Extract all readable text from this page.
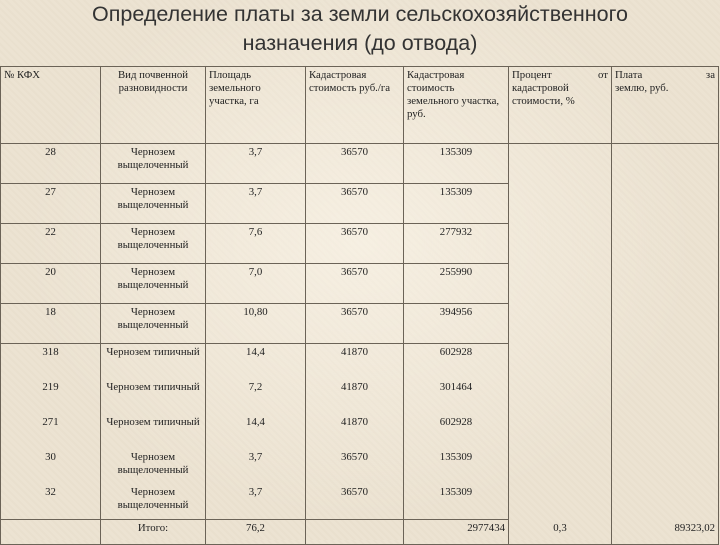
Определение платы за земли сельскохозяйственного
назначения (до отвода)
№ КФХ	Вид почвенной разновидности	Площадь
земельного
участка, га	Кадастровая стоимость руб./га	Кадастровая стоимость земельного участка, руб.	Процент от
кадастровой
стоимости, %	Плата за
землю, руб.

28	Чернозем выщелоченный	3,7	36570	135309		
27	Чернозем выщелоченный	3,7	36570	135309		
22	Чернозем выщелоченный	7,6	36570	277932		
20	Чернозем выщелоченный	7,0	36570	255990		
18	Чернозем выщелоченный	10,80	36570	394956		
318	Чернозем типичный	14,4	41870	602928		
219	Чернозем типичный	7,2	41870	301464		
271	Чернозем типичный	14,4	41870	602928		
30	Чернозем выщелоченный	3,7	36570	135309		
32	Чернозем выщелоченный	3,7	36570	135309		
	Итого:	76,2		2977434	0,3	89323,02
